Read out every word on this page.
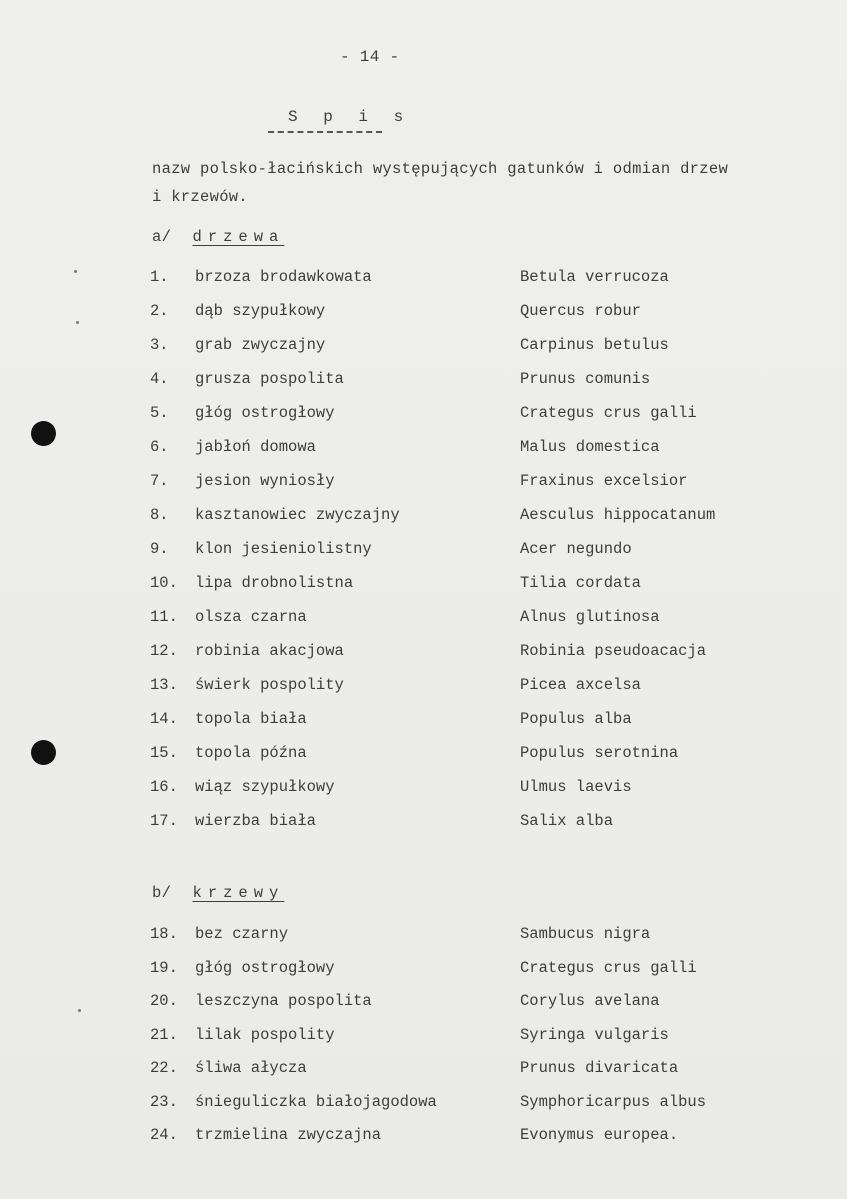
- 14 -
S p i s
nazw polsko-łacińskich występujących gatunków i odmian drzew
i krzewów.
a/ drzewa
1.	brzoza brodawkowata	Betula verrucoza
2.	dąb szypułkowy	Quercus robur
3.	grab zwyczajny	Carpinus betulus
4.	grusza pospolita	Prunus comunis
5.	głóg ostrogłowy	Crategus crus galli
6.	jabłoń domowa	Malus domestica
7.	jesion wyniosły	Fraxinus excelsior
8.	kasztanowiec zwyczajny	Aesculus hippocatanum
9.	klon jesieniolistny	Acer negundo
10.	lipa drobnolistna	Tilia cordata
11.	olsza czarna	Alnus glutinosa
12.	robinia akacjowa	Robinia pseudoacacja
13.	świerk pospolity	Picea axcelsa
14.	topola biała	Populus alba
15.	topola późna	Populus serotnina
16.	wiąz szypułkowy	Ulmus laevis
17.	wierzba biała	Salix alba
b/ krzewy
18.	bez czarny	Sambucus nigra
19.	głóg ostrogłowy	Crategus crus galli
20.	leszczyna pospolita	Corylus avelana
21.	lilak pospolity	Syringa vulgaris
22.	śliwa ałycza	Prunus divaricata
23.	śnieguliczka białojagodowa	Symphoricarpus albus
24.	trzmielina zwyczajna	Evonymus europea.
